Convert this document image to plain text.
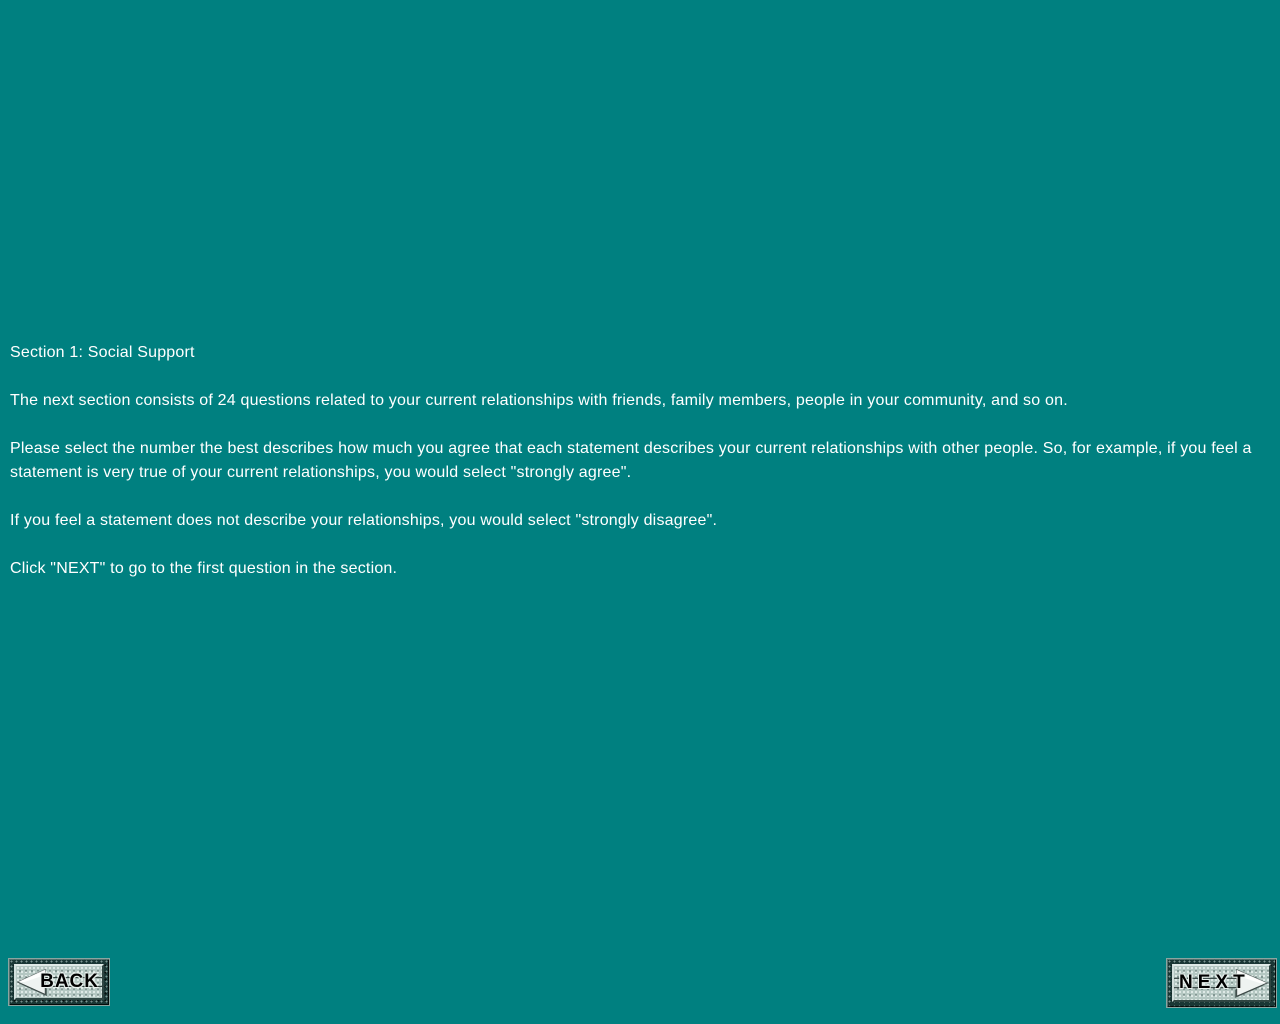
Section 1: Social Support

The next section consists of 24 questions related to your current relationships with friends, family members, people in your community, and so on.

Please select the number the best describes how much you agree that each statement describes your current relationships with other people. So, for example, if you feel a statement is very true of your current relationships, you would select "strongly agree".

If you feel a statement does not describe your relationships, you would select "strongly disagree".

Click "NEXT" to go to the first question in the section.

BACK	NEXT
